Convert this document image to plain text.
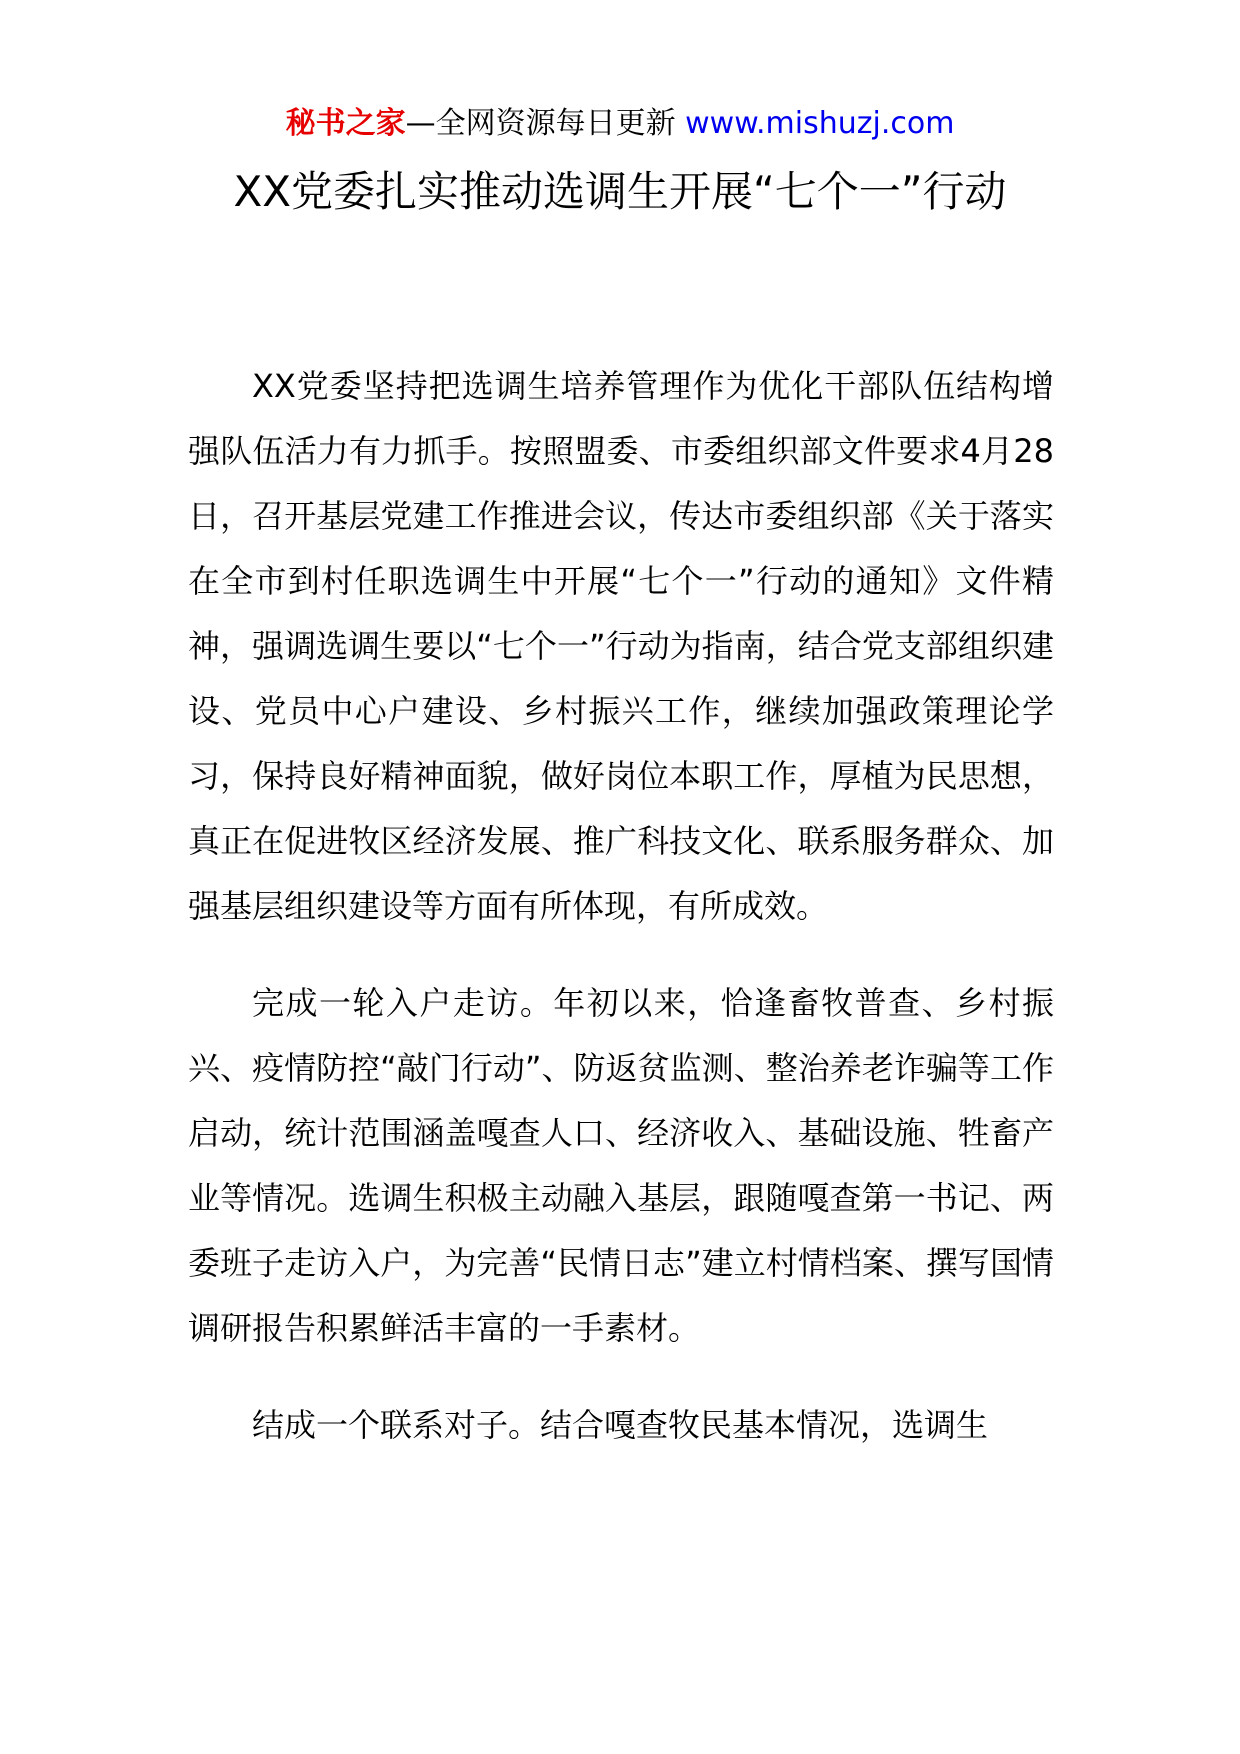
秘书之家—全网资源每日更新 www.mishuzj.com
XX党委扎实推动选调生开展“七个一”行动

XX党委坚持把选调生培养管理作为优化干部队伍结构增强队伍活力有力抓手。按照盟委、市委组织部文件要求4月28日，召开基层党建工作推进会议，传达市委组织部《关于落实在全市到村任职选调生中开展“七个一”行动的通知》文件精神，强调选调生要以“七个一”行动为指南，结合党支部组织建设、党员中心户建设、乡村振兴工作，继续加强政策理论学习，保持良好精神面貌，做好岗位本职工作，厚植为民思想，真正在促进牧区经济发展、推广科技文化、联系服务群众、加强基层组织建设等方面有所体现，有所成效。

完成一轮入户走访。年初以来，恰逢畜牧普查、乡村振兴、疫情防控“敲门行动”、防返贫监测、整治养老诈骗等工作启动，统计范围涵盖嘎查人口、经济收入、基础设施、牲畜产业等情况。选调生积极主动融入基层，跟随嘎查第一书记、两委班子走访入户，为完善“民情日志”建立村情档案、撰写国情调研报告积累鲜活丰富的一手素材。

结成一个联系对子。结合嘎查牧民基本情况，选调生
